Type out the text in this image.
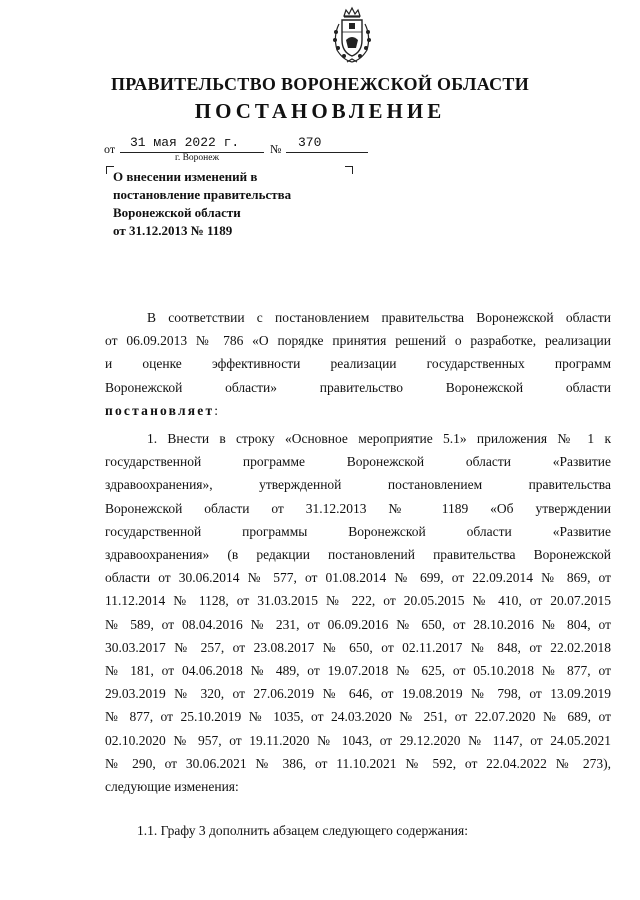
ПРАВИТЕЛЬСТВО ВОРОНЕЖСКОЙ ОБЛАСТИ
ПОСТАНОВЛЕНИЕ
от	31 мая 2022 г.	№	370
г. Воронеж
О внесении изменений в
постановление правительства
Воронежской области
от 31.12.2013 № 1189
В соответствии с постановлением правительства Воронежской области
от 06.09.2013 № 786 «О порядке принятия решений о разработке, реализации
и оценке эффективности реализации государственных программ
Воронежской области» правительство Воронежской области
постановляет:
1. Внести в строку «Основное мероприятие 5.1» приложения № 1 к
государственной программе Воронежской области «Развитие
здравоохранения», утвержденной постановлением правительства
Воронежской области от 31.12.2013 № 1189 «Об утверждении
государственной программы Воронежской области «Развитие
здравоохранения» (в редакции постановлений правительства Воронежской
области от 30.06.2014 № 577, от 01.08.2014 № 699, от 22.09.2014 № 869, от
11.12.2014 № 1128, от 31.03.2015 № 222, от 20.05.2015 № 410, от 20.07.2015
№ 589, от 08.04.2016 № 231, от 06.09.2016 № 650, от 28.10.2016 № 804, от
30.03.2017 № 257, от 23.08.2017 № 650, от 02.11.2017 № 848, от 22.02.2018
№ 181, от 04.06.2018 № 489, от 19.07.2018 № 625, от 05.10.2018 № 877, от
29.03.2019 № 320, от 27.06.2019 № 646, от 19.08.2019 № 798, от 13.09.2019
№ 877, от 25.10.2019 № 1035, от 24.03.2020 № 251, от 22.07.2020 № 689, от
02.10.2020 № 957, от 19.11.2020 № 1043, от 29.12.2020 № 1147, от 24.05.2021
№ 290, от 30.06.2021 № 386, от 11.10.2021 № 592, от 22.04.2022 № 273),
следующие изменения:
1.1. Графу 3 дополнить абзацем следующего содержания:
